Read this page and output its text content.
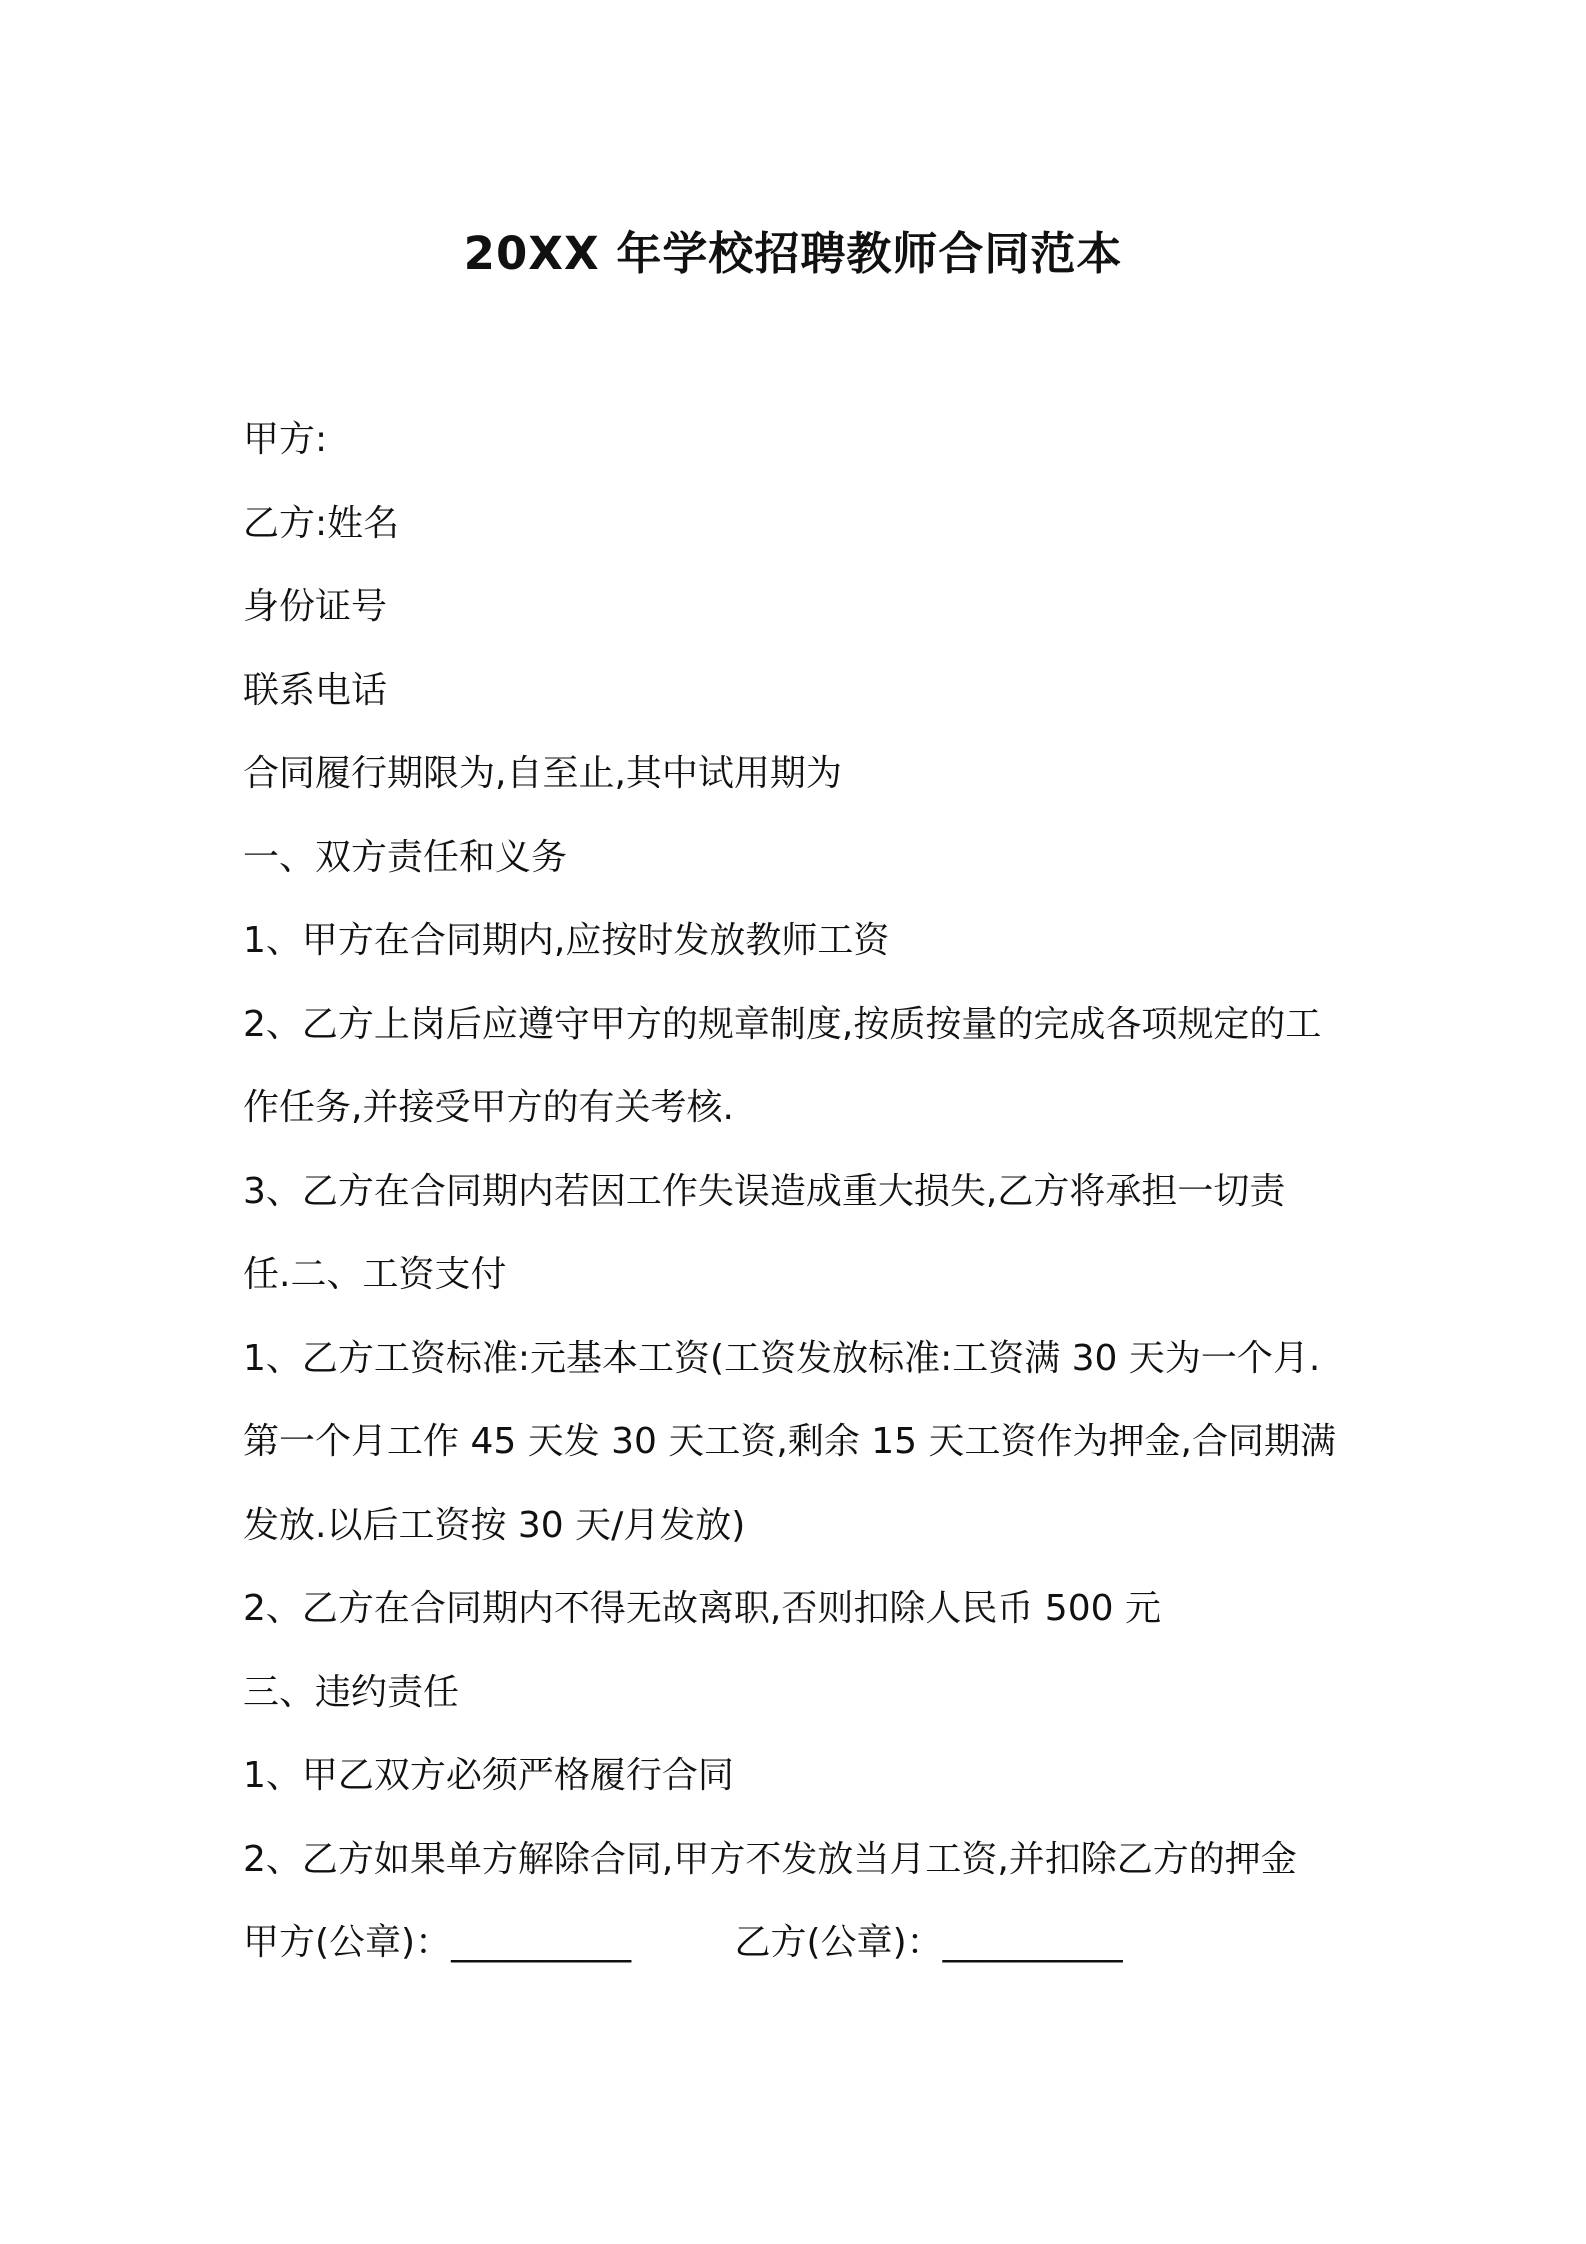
20XX 年学校招聘教师合同范本
甲方:
乙方:姓名
身份证号
联系电话
合同履行期限为,自至止,其中试用期为
一、双方责任和义务
1、甲方在合同期内,应按时发放教师工资
2、乙方上岗后应遵守甲方的规章制度,按质按量的完成各项规定的工
作任务,并接受甲方的有关考核.
3、乙方在合同期内若因工作失误造成重大损失,乙方将承担一切责
任.二、工资支付
1、乙方工资标准:元基本工资(工资发放标准:工资满 30 天为一个月.
第一个月工作 45 天发 30 天工资,剩余 15 天工资作为押金,合同期满
发放.以后工资按 30 天/月发放)
2、乙方在合同期内不得无故离职,否则扣除人民币 500 元
三、违约责任
1、甲乙双方必须严格履行合同
2、乙方如果单方解除合同,甲方不发放当月工资,并扣除乙方的押金
甲方(公章)：__________	乙方(公章)：__________
